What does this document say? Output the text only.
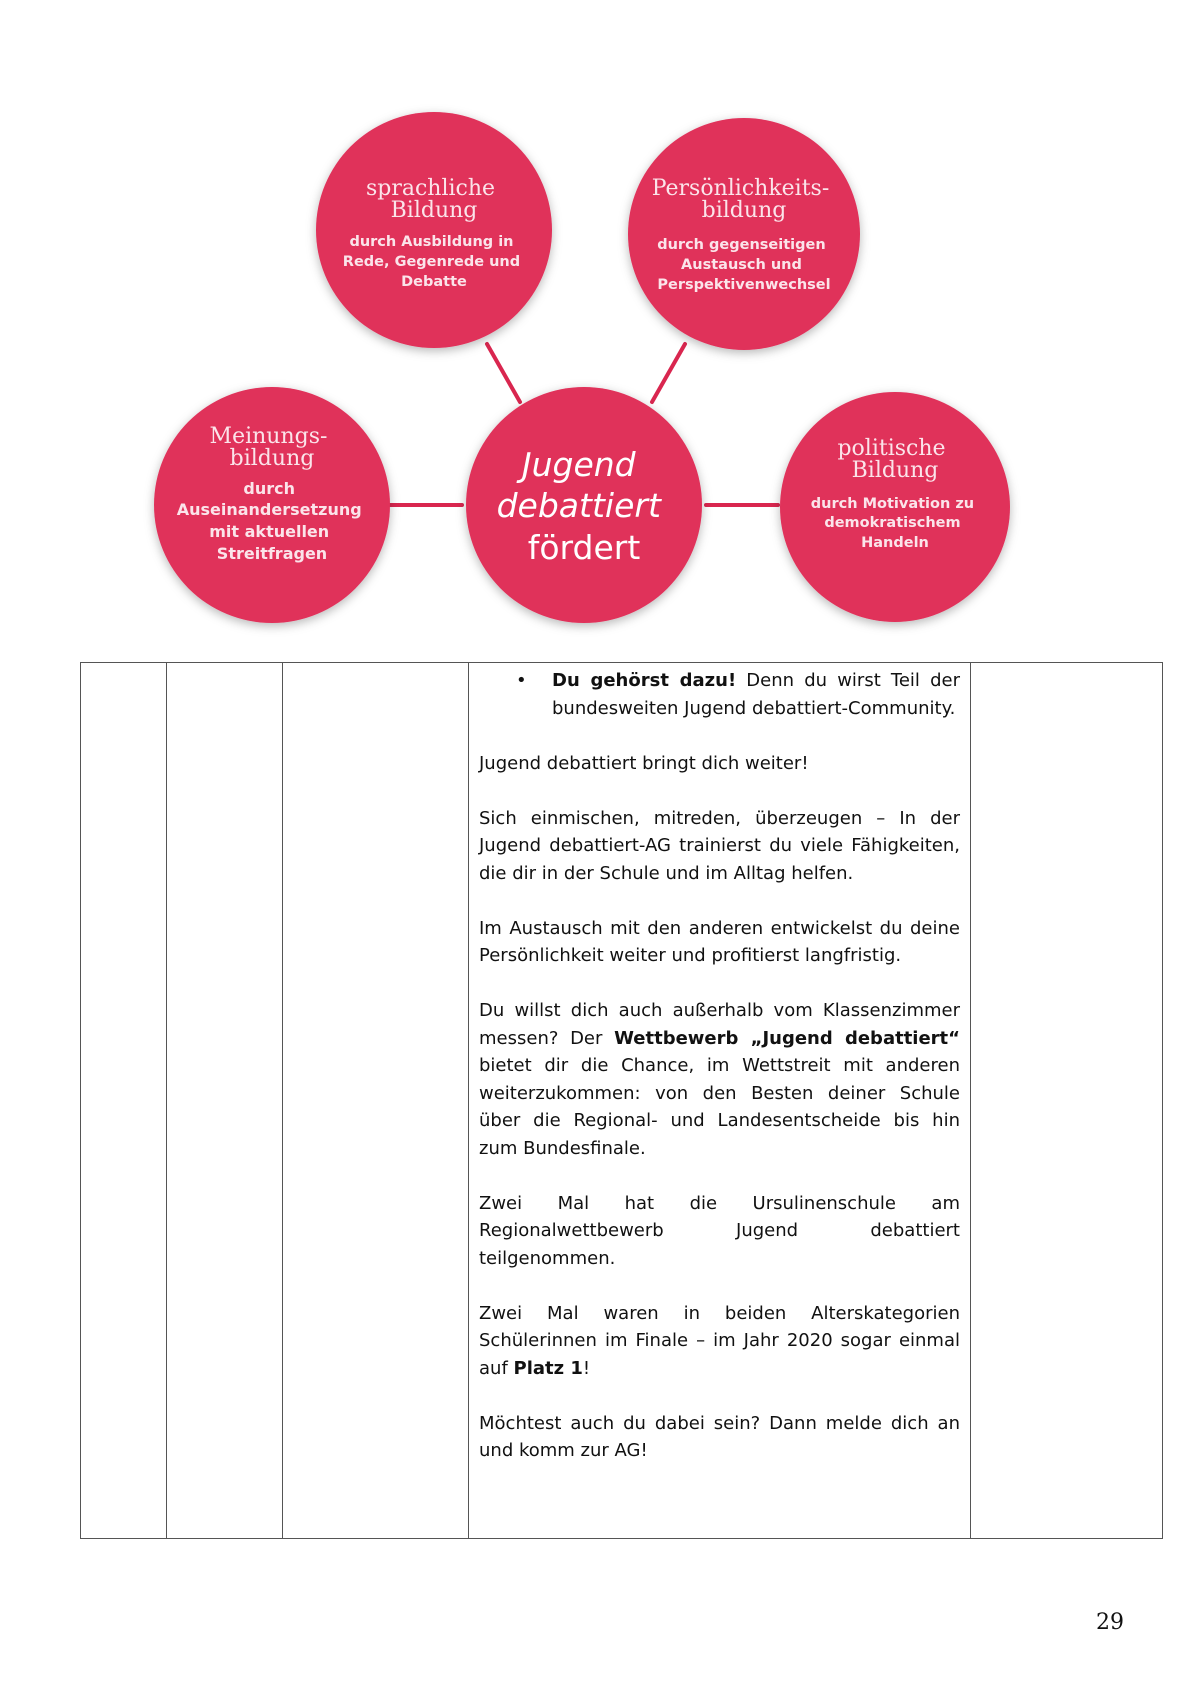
sprachliche Bildung
durch Ausbildung in Rede, Gegenrede und Debatte
Persönlichkeits- bildung
durch gegenseitigen Austausch und Perspektivenwechsel
Meinungs- bildung
durch Auseinandersetzung mit aktuellen Streitfragen
politische Bildung
durch Motivation zu demokratischem Handeln
Jugend debattiert fördert

• Du gehörst dazu! Denn du wirst Teil der bundesweiten Jugend debattiert-Community.

Jugend debattiert bringt dich weiter!

Sich einmischen, mitreden, überzeugen – In der Jugend debattiert-AG trainierst du viele Fähigkeiten, die dir in der Schule und im Alltag helfen.

Im Austausch mit den anderen entwickelst du deine Persönlichkeit weiter und profitierst langfristig.

Du willst dich auch außerhalb vom Klassenzimmer messen? Der Wettbewerb „Jugend debattiert“ bietet dir die Chance, im Wettstreit mit anderen weiterzukommen: von den Besten deiner Schule über die Regional- und Landesentscheide bis hin zum Bundesfinale.

Zwei Mal hat die Ursulinenschule am Regionalwettbewerb Jugend debattiert teilgenommen.

Zwei Mal waren in beiden Alterskategorien Schülerinnen im Finale – im Jahr 2020 sogar einmal auf Platz 1!

Möchtest auch du dabei sein? Dann melde dich an und komm zur AG!

29
